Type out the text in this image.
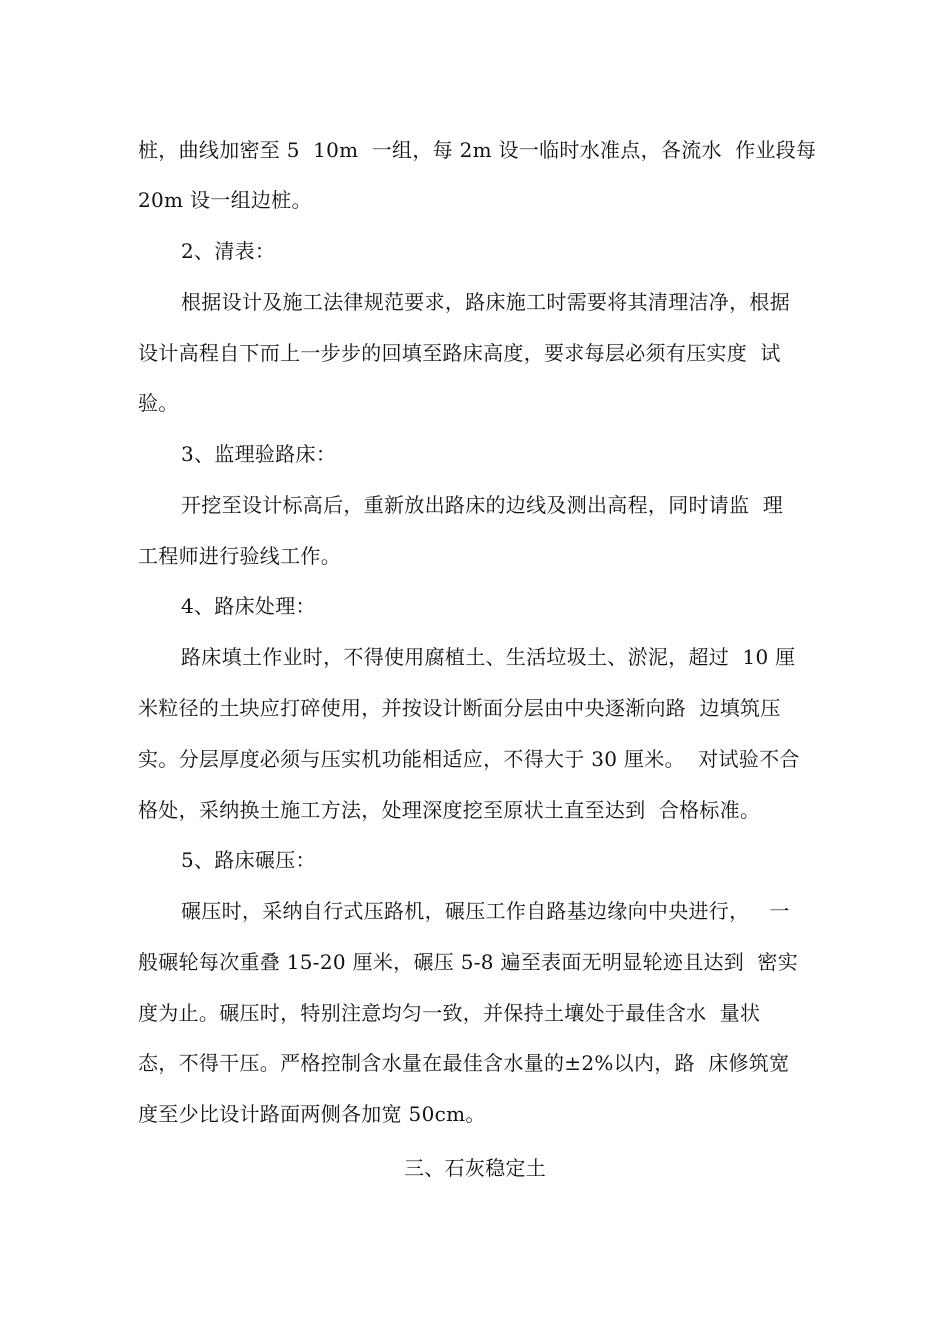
桩，曲线加密至 5  10m  一组，每 2m 设一临时水准点，各流水  作业段每
20m 设一组边桩。
2、清表：
根据设计及施工法律规范要求，路床施工时需要将其清理洁净，根据
设计高程自下而上一步步的回填至路床高度，要求每层必须有压实度  试
验。
3、监理验路床：
开挖至设计标高后，重新放出路床的边线及测出高程，同时请监  理
工程师进行验线工作。
4、路床处理：
路床填土作业时，不得使用腐植土、生活垃圾土、淤泥，超过  10 厘
米粒径的土块应打碎使用，并按设计断面分层由中央逐渐向路  边填筑压
实。分层厚度必须与压实机功能相适应，不得大于 30 厘米。  对试验不合
格处，采纳换土施工方法，处理深度挖至原状土直至达到  合格标准。
5、路床碾压：
碾压时，采纳自行式压路机，碾压工作自路基边缘向中央进行，   一
般碾轮每次重叠 15-20 厘米，碾压 5-8 遍至表面无明显轮迹且达到  密实
度为止。碾压时，特别注意均匀一致，并保持土壤处于最佳含水  量状
态，不得干压。严格控制含水量在最佳含水量的±2%以内，路  床修筑宽
度至少比设计路面两侧各加宽 50cm。
三、石灰稳定土
